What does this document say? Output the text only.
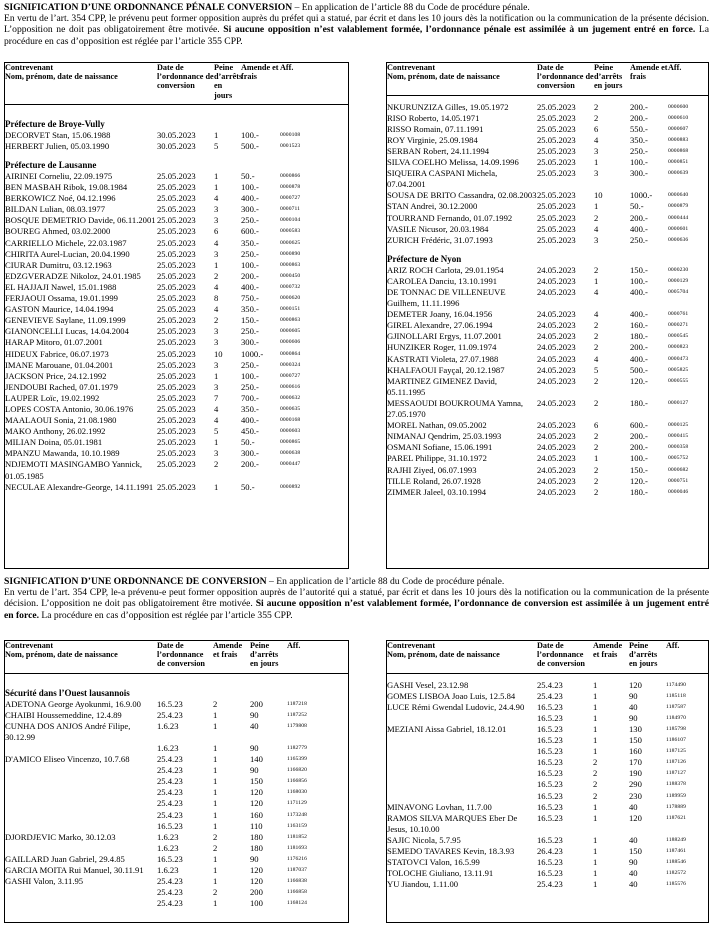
SIGNIFICATION D’UNE ORDONNANCE PÉNALE CONVERSION – En application de l’article 88 du Code de procédure pénale.
En vertu de l’art. 354 CPP, le prévenu peut former opposition auprès du préfet qui a statué, par écrit et dans les 10 jours dès la notification ou la communication de la présente décision. L’opposition ne doit pas obligatoirement être motivée. Si aucune opposition n’est valablement formée, l’ordonnance pénale est assimilée à un jugement entré en force. La procédure en cas d’opposition est réglée par l’article 355 CPP.
Contrevenant
Nom, prénom, date de naissance	Date de l’ordonnance de conversion	Peine d’arrêts en jours	Amende et frais	Aff.

Préfecture de Broye-Vully				
DECORVET Stan, 15.06.1988	30.05.2023	1	100.-	0000108
HERBERT Julien, 05.03.1990	30.05.2023	5	500.-	0001523
Préfecture de Lausanne				
AIRINEI Corneliu, 22.09.1975	25.05.2023	1	50.-	0000866
BEN MASBAH Ribok, 19.08.1984	25.05.2023	1	100.-	0000878
BERKOWICZ Noé, 04.12.1996	25.05.2023	4	400.-	0000727
BILDAN Lulian, 08.03.1977	25.05.2023	3	300.-	0000711
BOSQUE DEMETRIO Davide, 06.11.2001	25.05.2023	3	250.-	0000104
BOUREG Ahmed, 03.02.2000	25.05.2023	6	600.-	0000583
CARRIELLO Michele, 22.03.1987	25.05.2023	4	350.-	0000625
CHIRITA Aurel-Lucian, 20.04.1990	25.05.2023	3	250.-	0000890
CIURAR Dumitru, 03.12.1963	25.05.2023	1	100.-	0000863
EDZGVERADZE Nikoloz, 24.01.1985	25.05.2023	2	200.-	0000450
EL HAJJAJI Nawel, 15.01.1988	25.05.2023	4	400.-	0000732
FERJAOUI Ossama, 19.01.1999	25.05.2023	8	750.-	0000620
GASTON Maurice, 14.04.1994	25.05.2023	4	350.-	0000151
GENEVIEVE Saylane, 11.09.1999	25.05.2023	2	150.-	0000863
GIANONCELLI Lucas, 14.04.2004	25.05.2023	3	250.-	0000605
HARAP Mitoro, 01.07.2001	25.05.2023	3	300.-	0000606
HIDEUX Fabrice, 06.07.1973	25.05.2023	10	1000.-	0000864
IMANE Marouane, 01.04.2001	25.05.2023	3	250.-	0000324
JACKSON Price, 24.12.1992	25.05.2023	1	100.-	0000727
JENDOUBI Rached, 07.01.1979	25.05.2023	3	250.-	0000616
LAUPER Loïc, 19.02.1992	25.05.2023	7	700.-	0000632
LOPES COSTA Antonio, 30.06.1976	25.05.2023	4	350.-	0000635
MAALAOUI Sonia, 21.08.1980	25.05.2023	4	400.-	0000168
MAKO Anthony, 26.02.1992	25.05.2023	5	450.-	0000603
MILIAN Doina, 05.01.1981	25.05.2023	1	50.-	0000865
MPANZU Mawanda, 10.10.1989	25.05.2023	3	300.-	0000638
NDJEMOTI MASINGAMBO Yannick, 01.05.1985	25.05.2023	2	200.-	0000447
NECULAE Alexandre-George, 14.11.1991	25.05.2023	1	50.-	0000892
Contrevenant
Nom, prénom, date de naissance	Date de l’ordonnance de conversion	Peine d’arrêts en jours	Amende et frais	Aff.

NKURUNZIZA Gilles, 19.05.1972	25.05.2023	2	200.-	0000600
RISO Roberto, 14.05.1971	25.05.2023	2	200.-	0000610
RISSO Romain, 07.11.1991	25.05.2023	6	550.-	0000607
ROY Virginie, 25.09.1984	25.05.2023	4	350.-	0000883
SERBAN Robert, 24.11.1994	25.05.2023	3	250.-	0000868
SILVA COELHO Melissa, 14.09.1996	25.05.2023	1	100.-	0000851
SIQUEIRA CASPANI Michela, 07.04.2001	25.05.2023	3	300.-	0000639
SOUSA DE BRITO Cassandra, 02.08.2003	25.05.2023	10	1000.-	0000640
STAN Andrei, 30.12.2000	25.05.2023	1	50.-	0000879
TOURRAND Fernando, 01.07.1992	25.05.2023	2	200.-	0000444
VASILE Nicusor, 20.03.1984	25.05.2023	4	400.-	0000601
ZURICH Frédéric, 31.07.1993	25.05.2023	3	250.-	0000636
Préfecture de Nyon				
ARIZ ROCH Carlota, 29.01.1954	24.05.2023	2	150.-	0000230
CAROLEA Danciu, 13.10.1991	24.05.2023	1	100.-	0000129
DE TONNAC DE VILLENEUVE Guilhem, 11.11.1996	24.05.2023	4	400.-	0005704
DEMETER Joany, 16.04.1956	24.05.2023	4	400.-	0000761
GIREL Alexandre, 27.06.1994	24.05.2023	2	160.-	0000271
GJINOLLARI Ergys, 11.07.2001	24.05.2023	2	180.-	0000545
HUNZIKER Roger, 11.09.1974	24.05.2023	2	200.-	0000823
KASTRATI Violeta, 27.07.1988	24.05.2023	4	400.-	0000473
KHALFAOUI Fayçal, 20.12.1987	24.05.2023	5	500.-	0005825
MARTINEZ GIMENEZ David, 05.11.1995	24.05.2023	2	120.-	0000555
MESSAOUDI BOUKROUMA Yamna, 27.05.1970	24.05.2023	2	180.-	0000127
MOREL Nathan, 09.05.2002	24.05.2023	6	600.-	0000125
NIMANAJ Qendrim, 25.03.1993	24.05.2023	2	200.-	0000415
OSMANI Sofiane, 15.06.1991	24.05.2023	2	200.-	0000358
PAREL Philippe, 31.10.1972	24.05.2023	1	100.-	0005752
RAJHI Ziyed, 06.07.1993	24.05.2023	2	150.-	0000682
TILLE Roland, 26.07.1928	24.05.2023	2	120.-	0000751
ZIMMER Jaleel, 03.10.1994	24.05.2023	2	180.-	0000046
SIGNIFICATION D’UNE ORDONNANCE DE CONVERSION – En application de l’article 88 du Code de procédure pénale.
En vertu de l’art. 354 CPP, le-a prévenu-e peut former opposition auprès de l’autorité qui a statué, par écrit et dans les 10 jours dès la notification ou la communication de la présente décision. L’opposition ne doit pas obligatoirement être motivée. Si aucune opposition n’est valablement formée, l’ordonnance de conversion est assimilée à un jugement entré en force. La procédure en cas d’opposition est réglée par l’article 355 CPP.
Contrevenant
Nom, prénom, date de naissance	Date de l’ordonnance de conversion	Amende et frais	Peine d’arrêts en jours	Aff.

Sécurité dans l’Ouest lausannois				
ADETONA George Ayokunmi, 16.9.00	16.5.23	2	200	1187218
CHAIBI Houssemeddine, 12.4.89	25.4.23	1	90	1187252
CUNHA DOS ANJOS André Filipe, 30.12.99	1.6.23	1	40	1179808
	1.6.23	1	90	1182779
D'AMICO Eliseo Vincenzo, 10.7.68	25.4.23	1	140	1165399
	25.4.23	1	90	1166820
	25.4.23	1	150	1166856
	25.4.23	1	120	1168030
	25.4.23	1	120	1171129
	25.4.23	1	160	1173248
	16.5.23	1	110	1163159
DJORDJEVIC Marko, 30.12.03	1.6.23	2	180	1181852
	1.6.23	2	180	1181693
GAILLARD Juan Gabriel, 29.4.85	16.5.23	1	90	1176216
GARCIA MOITA Rui Manuel, 30.11.91	1.6.23	1	120	1187037
GASHI Valon, 3.11.95	25.4.23	1	120	1166838
	25.4.23	2	200	1166858
	25.4.23	1	100	1168124
Contrevenant
Nom, prénom, date de naissance	Date de l’ordonnance de conversion	Amende et frais	Peine d’arrêts en jours	Aff.

GASHI Vesel, 23.12.98	25.4.23	1	120	1174490
GOMES LISBOA Joao Luis, 12.5.84	25.4.23	1	90	1185118
LUCE Rémi Gwendal Ludovic, 24.4.90	16.5.23	1	40	1187587
	16.5.23	1	90	1184970
MEZIANI Aissa Gabriel, 18.12.01	16.5.23	1	130	1185798
	16.5.23	1	150	1186107
	16.5.23	1	160	1187125
	16.5.23	2	170	1187126
	16.5.23	2	190	1187127
	16.5.23	2	290	1188378
	16.5.23	2	230	1189959
MINAVONG Lovhan, 11.7.00	16.5.23	1	40	1178889
RAMOS SILVA MARQUES Eber De Jesus, 10.10.00	16.5.23	1	120	1187621
SAJIC Nicola, 5.7.95	16.5.23	1	40	1188249
SEMEDO TAVARES Kevin, 18.3.93	26.4.23	1	150	1187461
STATOVCI Valon, 16.5.99	16.5.23	1	90	1188546
TOLOCHE Giuliano, 13.11.91	16.5.23	1	40	1182572
YU Jiandou, 1.11.00	25.4.23	1	40	1185576
